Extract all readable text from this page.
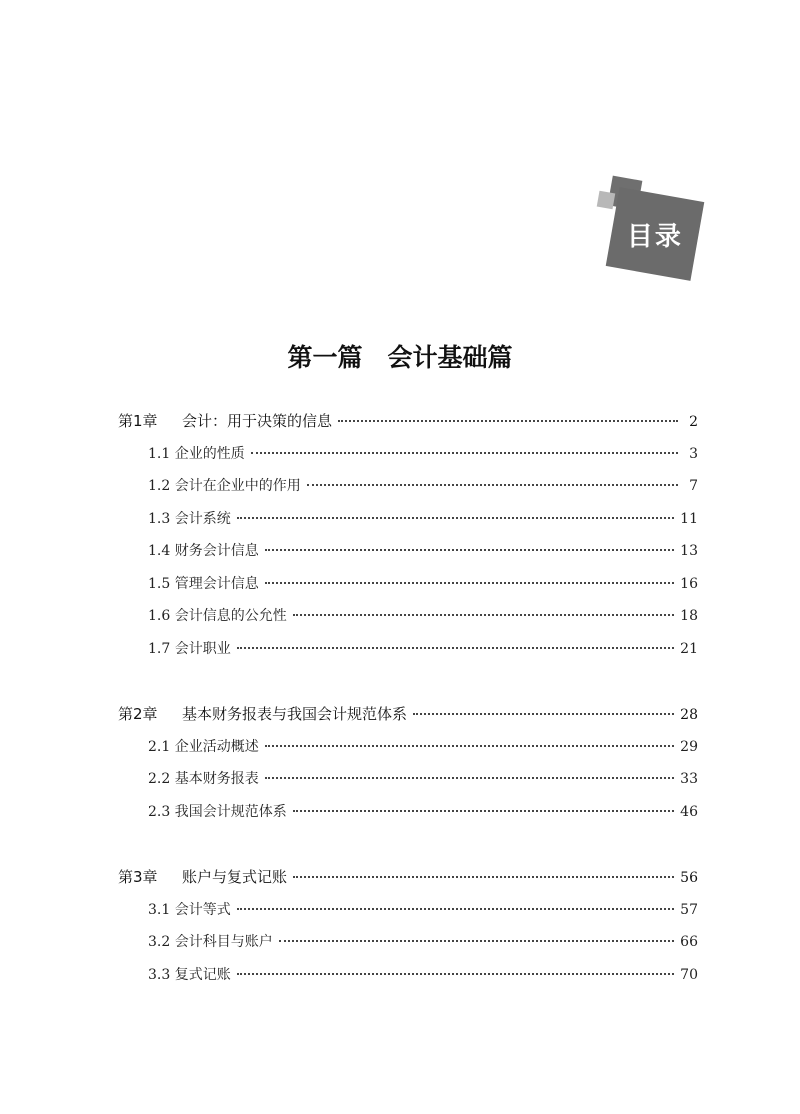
目录
第一篇　会计基础篇
第1章	会计：用于决策的信息	2
1.1 企业的性质	3
1.2 会计在企业中的作用	7
1.3 会计系统	11
1.4 财务会计信息	13
1.5 管理会计信息	16
1.6 会计信息的公允性	18
1.7 会计职业	21
第2章	基本财务报表与我国会计规范体系	28
2.1 企业活动概述	29
2.2 基本财务报表	33
2.3 我国会计规范体系	46
第3章	账户与复式记账	56
3.1 会计等式	57
3.2 会计科目与账户	66
3.3 复式记账	70
